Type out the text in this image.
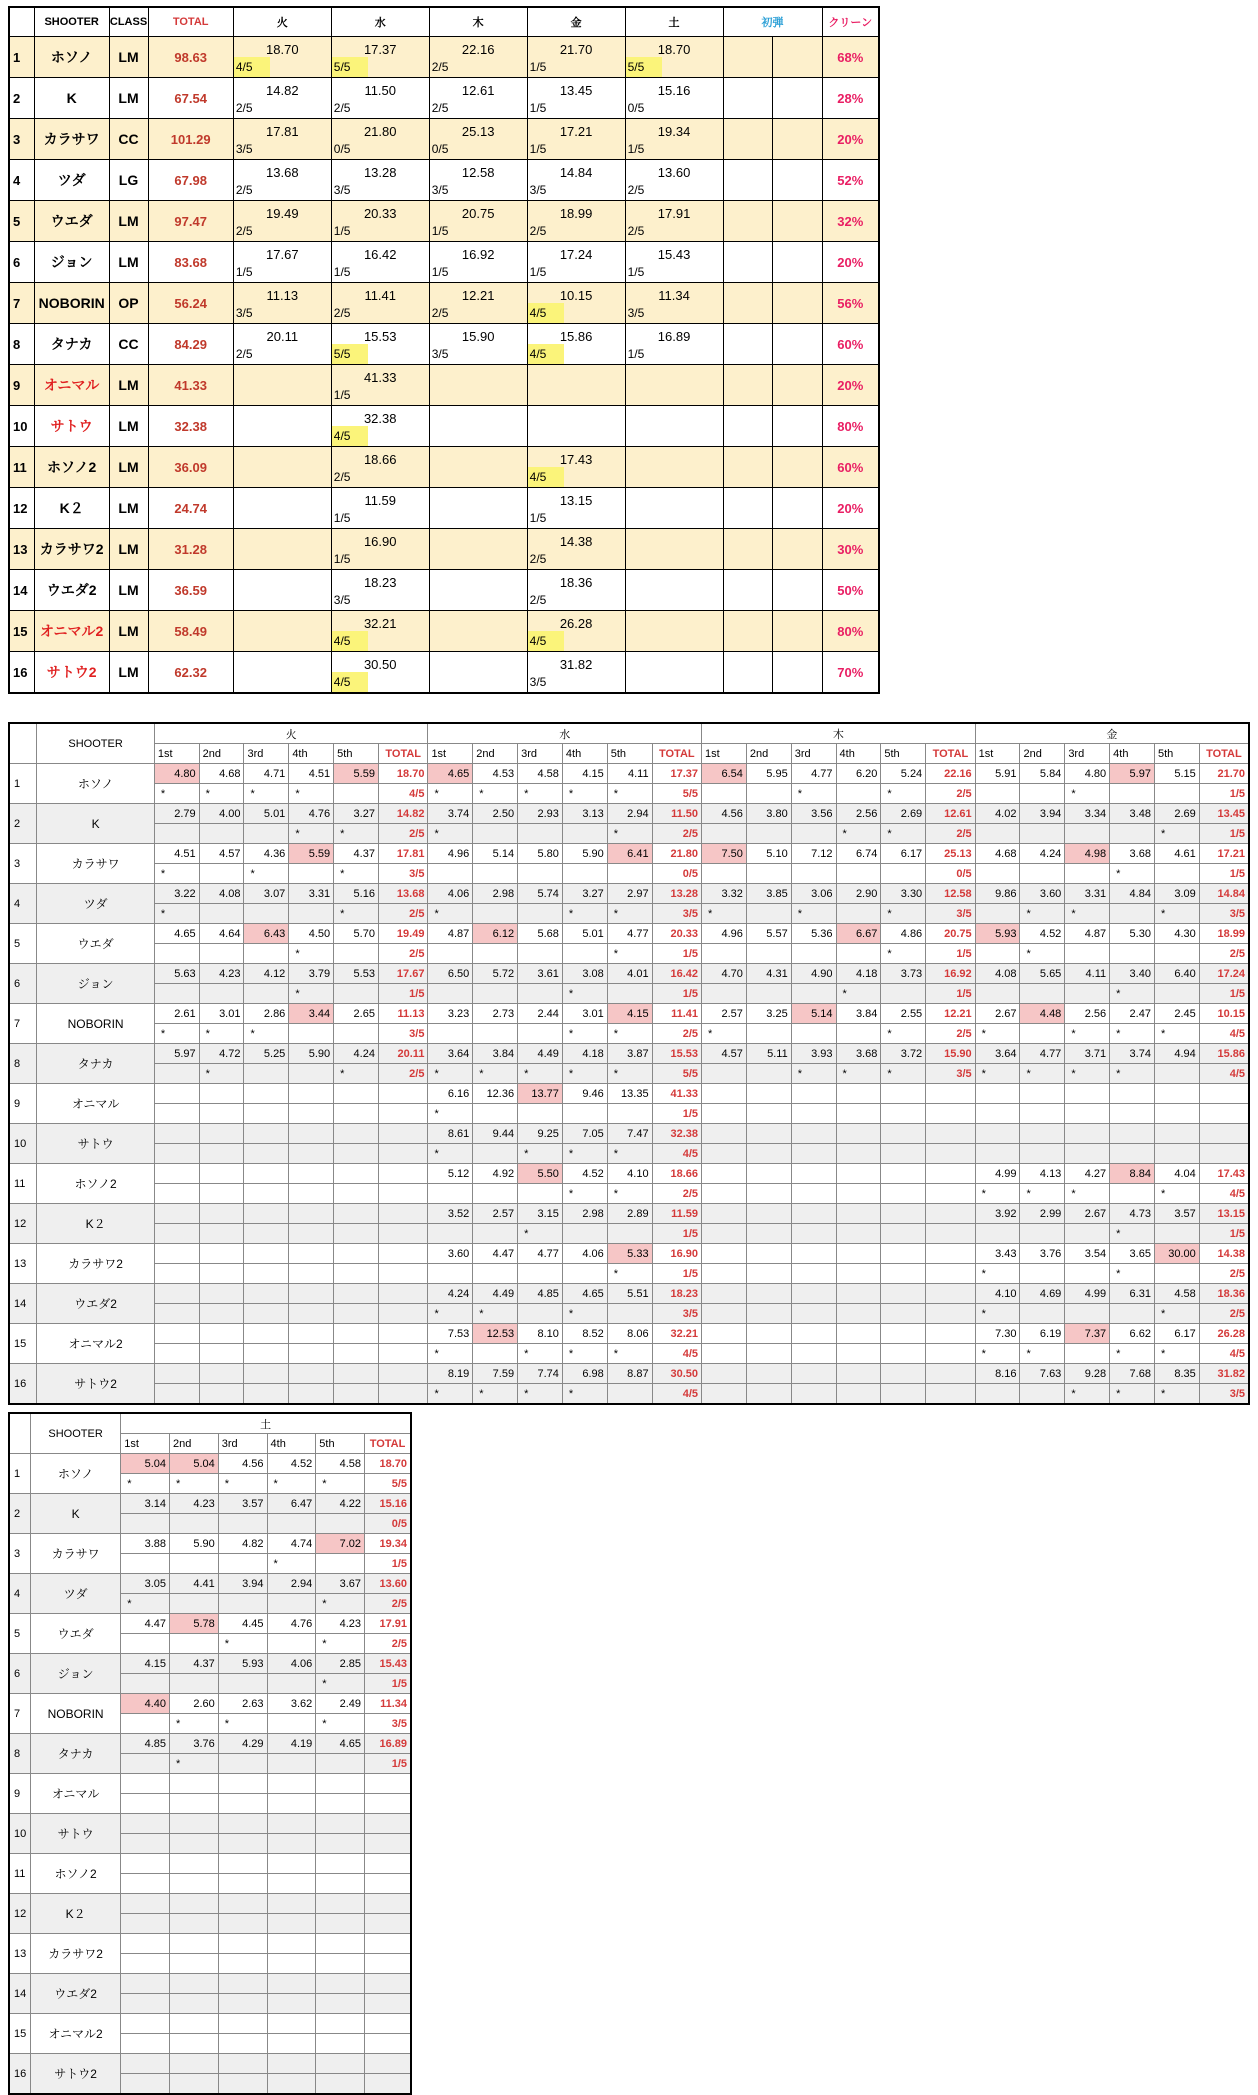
	SHOOTER	CLASS	TOTAL	火		水		木		金		土		初弾		クリーン
1	ホソノ	LM	98.63	18.70		17.37		22.16		21.70		18.70				68%
				4/5		5/5		2/5		1/5		5/5				
2	K	LM	67.54	14.82		11.50		12.61		13.45		15.16				28%
				2/5		2/5		2/5		1/5		0/5				
3	カラサワ	CC	101.29	17.81		21.80		25.13		17.21		19.34				20%
				3/5		0/5		0/5		1/5		1/5				
4	ツダ	LG	67.98	13.68		13.28		12.58		14.84		13.60				52%
				2/5		3/5		3/5		3/5		2/5				
5	ウエダ	LM	97.47	19.49		20.33		20.75		18.99		17.91				32%
				2/5		1/5		1/5		2/5		2/5				
6	ジョン	LM	83.68	17.67		16.42		16.92		17.24		15.43				20%
				1/5		1/5		1/5		1/5		1/5				
7	NOBORIN	OP	56.24	11.13		11.41		12.21		10.15		11.34				56%
				3/5		2/5		2/5		4/5		3/5				
8	タナカ	CC	84.29	20.11		15.53		15.90		15.86		16.89				60%
				2/5		5/5		3/5		4/5		1/5				
9	オニマル	LM	41.33			41.33										20%
						1/5										
10	サトウ	LM	32.38			32.38										80%
						4/5										
11	ホソノ2	LM	36.09			18.66				17.43						60%
						2/5				4/5						
12	K２	LM	24.74			11.59				13.15						20%
						1/5				1/5						
13	カラサワ2	LM	31.28			16.90				14.38						30%
						1/5				2/5						
14	ウエダ2	LM	36.59			18.23				18.36						50%
						3/5				2/5						
15	オニマル2	LM	58.49			32.21				26.28						80%
						4/5				4/5						
16	サトウ2	LM	62.32			30.50				31.82						70%
						4/5				3/5						
	SHOOTER	火						水						木						金					
		1st	2nd	3rd	4th	5th	TOTAL	1st	2nd	3rd	4th	5th	TOTAL	1st	2nd	3rd	4th	5th	TOTAL	1st	2nd	3rd	4th	5th	TOTAL
1	ホソノ	4.80	4.68	4.71	4.51	5.59	18.70	4.65	4.53	4.58	4.15	4.11	17.37	6.54	5.95	4.77	6.20	5.24	22.16	5.91	5.84	4.80	5.97	5.15	21.70
		*	*	*	*		4/5	*	*	*	*	*	5/5			*		*	2/5			*			1/5
2	K	2.79	4.00	5.01	4.76	3.27	14.82	3.74	2.50	2.93	3.13	2.94	11.50	4.56	3.80	3.56	2.56	2.69	12.61	4.02	3.94	3.34	3.48	2.69	13.45
					*	*	2/5	*				*	2/5				*	*	2/5					*	1/5
3	カラサワ	4.51	4.57	4.36	5.59	4.37	17.81	4.96	5.14	5.80	5.90	6.41	21.80	7.50	5.10	7.12	6.74	6.17	25.13	4.68	4.24	4.98	3.68	4.61	17.21
		*		*		*	3/5						0/5						0/5				*		1/5
4	ツダ	3.22	4.08	3.07	3.31	5.16	13.68	4.06	2.98	5.74	3.27	2.97	13.28	3.32	3.85	3.06	2.90	3.30	12.58	9.86	3.60	3.31	4.84	3.09	14.84
		*				*	2/5	*			*	*	3/5	*		*		*	3/5		*	*		*	3/5
5	ウエダ	4.65	4.64	6.43	4.50	5.70	19.49	4.87	6.12	5.68	5.01	4.77	20.33	4.96	5.57	5.36	6.67	4.86	20.75	5.93	4.52	4.87	5.30	4.30	18.99
					*		2/5					*	1/5					*	1/5		*				2/5
6	ジョン	5.63	4.23	4.12	3.79	5.53	17.67	6.50	5.72	3.61	3.08	4.01	16.42	4.70	4.31	4.90	4.18	3.73	16.92	4.08	5.65	4.11	3.40	6.40	17.24
					*		1/5				*		1/5				*		1/5				*		1/5
7	NOBORIN	2.61	3.01	2.86	3.44	2.65	11.13	3.23	2.73	2.44	3.01	4.15	11.41	2.57	3.25	5.14	3.84	2.55	12.21	2.67	4.48	2.56	2.47	2.45	10.15
		*	*	*			3/5				*	*	2/5	*				*	2/5	*		*	*	*	4/5
8	タナカ	5.97	4.72	5.25	5.90	4.24	20.11	3.64	3.84	4.49	4.18	3.87	15.53	4.57	5.11	3.93	3.68	3.72	15.90	3.64	4.77	3.71	3.74	4.94	15.86
			*			*	2/5	*	*	*	*	*	5/5			*	*	*	3/5	*	*	*	*		4/5
9	オニマル							6.16	12.36	13.77	9.46	13.35	41.33												
								*					1/5												
10	サトウ							8.61	9.44	9.25	7.05	7.47	32.38												
								*		*	*	*	4/5												
11	ホソノ2							5.12	4.92	5.50	4.52	4.10	18.66							4.99	4.13	4.27	8.84	4.04	17.43
											*	*	2/5							*	*	*		*	4/5
12	K２							3.52	2.57	3.15	2.98	2.89	11.59							3.92	2.99	2.67	4.73	3.57	13.15
										*			1/5										*		1/5
13	カラサワ2							3.60	4.47	4.77	4.06	5.33	16.90							3.43	3.76	3.54	3.65	30.00	14.38
												*	1/5							*			*		2/5
14	ウエダ2							4.24	4.49	4.85	4.65	5.51	18.23							4.10	4.69	4.99	6.31	4.58	18.36
								*	*		*		3/5							*				*	2/5
15	オニマル2							7.53	12.53	8.10	8.52	8.06	32.21							7.30	6.19	7.37	6.62	6.17	26.28
								*		*	*	*	4/5							*	*		*	*	4/5
16	サトウ2							8.19	7.59	7.74	6.98	8.87	30.50							8.16	7.63	9.28	7.68	8.35	31.82
								*	*	*	*		4/5									*	*	*	3/5
	SHOOTER	土					
		1st	2nd	3rd	4th	5th	TOTAL
1	ホソノ	5.04	5.04	4.56	4.52	4.58	18.70
		*	*	*	*	*	5/5
2	K	3.14	4.23	3.57	6.47	4.22	15.16
							0/5
3	カラサワ	3.88	5.90	4.82	4.74	7.02	19.34
					*		1/5
4	ツダ	3.05	4.41	3.94	2.94	3.67	13.60
		*				*	2/5
5	ウエダ	4.47	5.78	4.45	4.76	4.23	17.91
				*		*	2/5
6	ジョン	4.15	4.37	5.93	4.06	2.85	15.43
						*	1/5
7	NOBORIN	4.40	2.60	2.63	3.62	2.49	11.34
			*	*		*	3/5
8	タナカ	4.85	3.76	4.29	4.19	4.65	16.89
			*				1/5
9	オニマル						

10	サトウ						

11	ホソノ2						

12	K２						

13	カラサワ2						

14	ウエダ2						

15	オニマル2						

16	サトウ2						
